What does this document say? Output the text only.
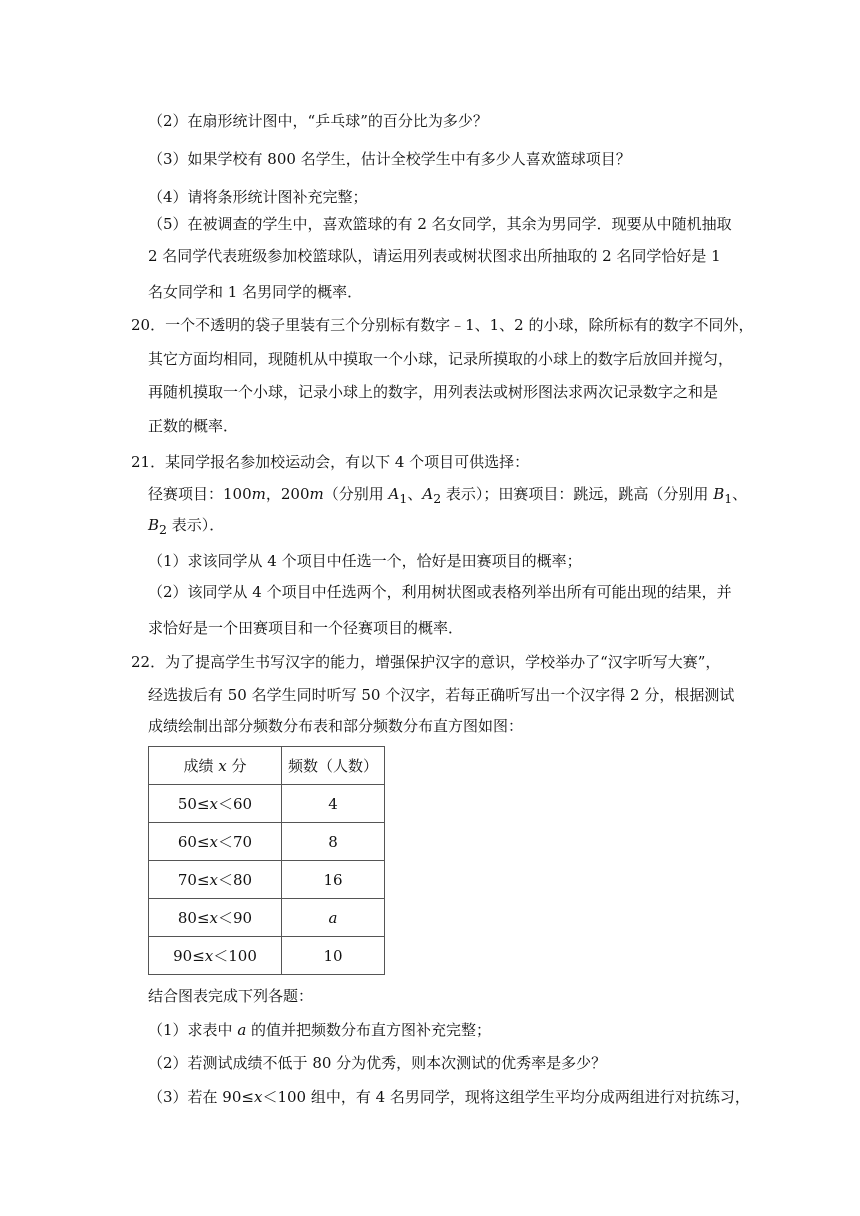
（2）在扇形统计图中，“乒乓球”的百分比为多少？
（3）如果学校有 800 名学生，估计全校学生中有多少人喜欢篮球项目？
（4）请将条形统计图补充完整；
（5）在被调查的学生中，喜欢篮球的有 2 名女同学，其余为男同学．现要从中随机抽取
2 名同学代表班级参加校篮球队，请运用列表或树状图求出所抽取的 2 名同学恰好是 1
名女同学和 1 名男同学的概率．
20．一个不透明的袋子里装有三个分别标有数字﹣1、1、2 的小球，除所标有的数字不同外，
其它方面均相同，现随机从中摸取一个小球，记录所摸取的小球上的数字后放回并搅匀，
再随机摸取一个小球，记录小球上的数字，用列表法或树形图法求两次记录数字之和是
正数的概率．
21．某同学报名参加校运动会，有以下 4 个项目可供选择：
径赛项目：100m，200m（分别用 $A_1$、$A_2$ 表示）；田赛项目：跳远，跳高（分别用 $B_1$、
$B_2$ 表示）．
（1）求该同学从 4 个项目中任选一个，恰好是田赛项目的概率；
（2）该同学从 4 个项目中任选两个，利用树状图或表格列举出所有可能出现的结果，并
求恰好是一个田赛项目和一个径赛项目的概率．
22．为了提高学生书写汉字的能力，增强保护汉字的意识，学校举办了“汉字听写大赛”，
经选拔后有 50 名学生同时听写 50 个汉字，若每正确听写出一个汉字得 2 分，根据测试
成绩绘制出部分频数分布表和部分频数分布直方图如图：
成绩 x 分	频数（人数）
50≤x＜60	4
60≤x＜70	8
70≤x＜80	16
80≤x＜90	a
90≤x＜100	10
结合图表完成下列各题：
（1）求表中 a 的值并把频数分布直方图补充完整；
（2）若测试成绩不低于 80 分为优秀，则本次测试的优秀率是多少？
（3）若在 90≤x＜100 组中，有 4 名男同学，现将这组学生平均分成两组进行对抗练习，
